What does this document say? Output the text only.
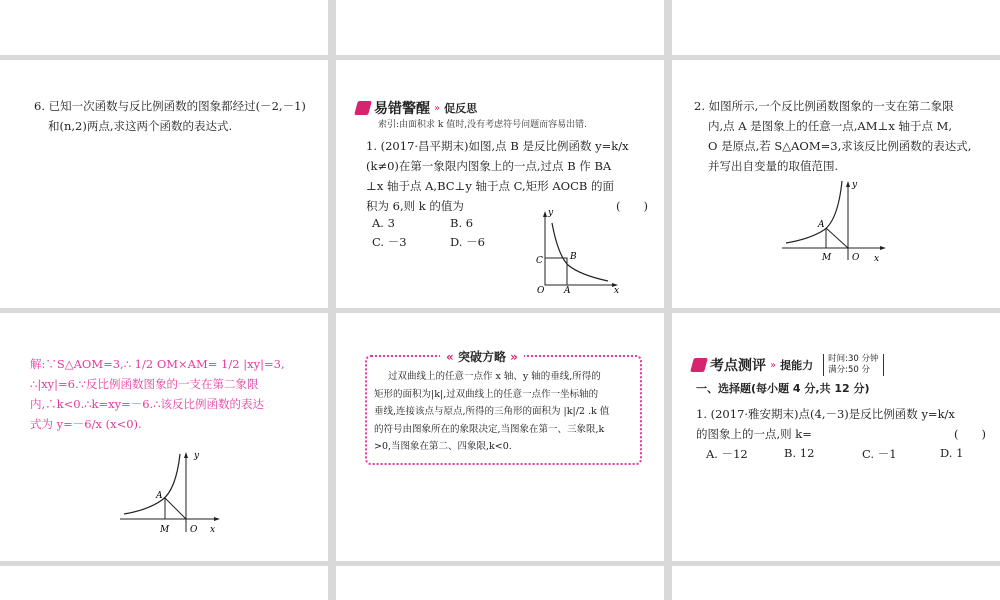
6. 已知一次函数与反比例函数的图象都经过(－2,－1)
和(n,2)两点,求这两个函数的表达式.
易错警醒 » 促反思
索引:由面积求 k 值时,没有考虑符号问题而容易出错.
1. (2017·昌平期末)如图,点 B 是反比例函数 y=k/x
(k≠0)在第一象限内图象上的一点,过点 B 作 BA
⊥x 轴于点 A,BC⊥y 轴于点 C,矩形 AOCB 的面
积为 6,则 k 的值为	(　　)
A. 3	B. 6
C. －3	D. －6
y
x
O A
B
C
2. 如图所示,一个反比例函数图象的一支在第二象限
内,点 A 是图象上的任意一点,AM⊥x 轴于点 M,
O 是原点,若 S△AOM=3,求该反比例函数的表达式,
并写出自变量的取值范围.
y
x
A
M O
解:∵S△AOM=3,∴ 1/2 OM×AM= 1/2 |xy|=3,
∴|xy|=6.∵反比例函数图象的一支在第二象限
内,∴k<0.∴k=xy=－6.∴该反比例函数的表达
式为 y=－6/x (x<0).
y
x
A
M O
« 突破方略 »
过双曲线上的任意一点作 x 轴、y 轴的垂线,所得的
矩形的面积为|k|,过双曲线上的任意一点作一坐标轴的
垂线,连接该点与原点,所得的三角形的面积为 |k|/2 .k 值
的符号由图象所在的象限决定,当图象在第一、三象限,k
>0,当图象在第二、四象限,k<0.
考点测评 » 提能力 时间:30 分钟
满分:50 分
一、选择题(每小题 4 分,共 12 分)
1. (2017·雅安期末)点(4,－3)是反比例函数 y=k/x
的图象上的一点,则 k=	(　　)
A. －12	B. 12	C. －1	D. 1
